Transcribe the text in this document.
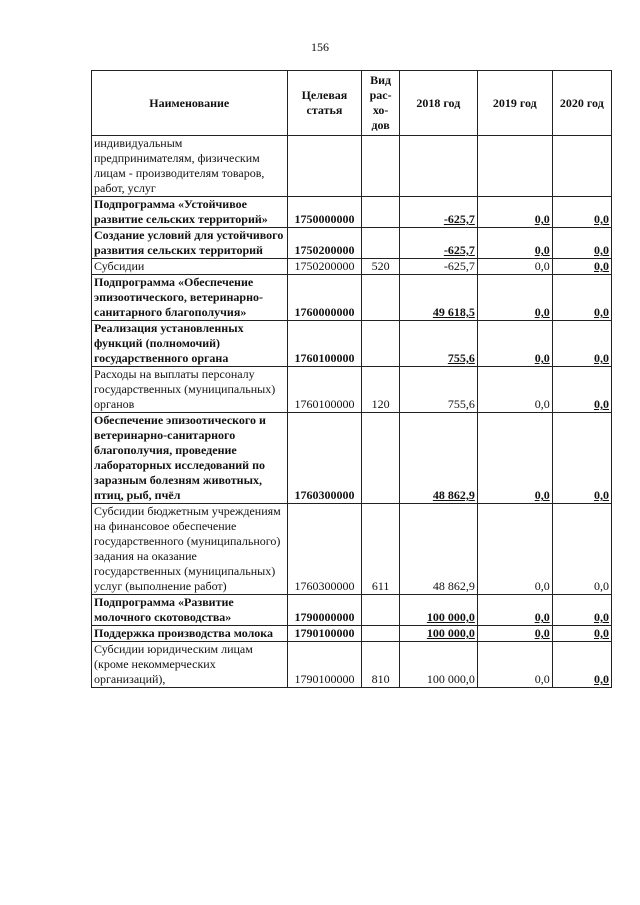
156
Наименование	Целевая статья	Вид рас-хо-дов	2018 год	2019 год	2020 год
индивидуальным предпринимателям, физическим лицам - производителям товаров, работ, услуг					
Подпрограмма «Устойчивое развитие сельских территорий»	1750000000		-625,7	0,0	0,0
Создание условий для устойчивого развития сельских территорий	1750200000		-625,7	0,0	0,0
Субсидии	1750200000	520	-625,7	0,0	0,0
Подпрограмма «Обеспечение эпизоотического, ветеринарно-санитарного благополучия»	1760000000		49 618,5	0,0	0,0
Реализация установленных функций (полномочий) государственного органа	1760100000		755,6	0,0	0,0
Расходы на выплаты персоналу государственных (муниципальных) органов	1760100000	120	755,6	0,0	0,0
Обеспечение эпизоотического и ветеринарно-санитарного благополучия, проведение лабораторных исследований по заразным болезням животных, птиц, рыб, пчёл	1760300000		48 862,9	0,0	0,0
Субсидии бюджетным учреждениям на финансовое обеспечение государственного (муниципального) задания на оказание государственных (муниципальных) услуг (выполнение работ)	1760300000	611	48 862,9	0,0	0,0
Подпрограмма «Развитие молочного скотоводства»	1790000000		100 000,0	0,0	0,0
Поддержка производства молока	1790100000		100 000,0	0,0	0,0
Субсидии юридическим лицам (кроме некоммерческих организаций),	1790100000	810	100 000,0	0,0	0,0
